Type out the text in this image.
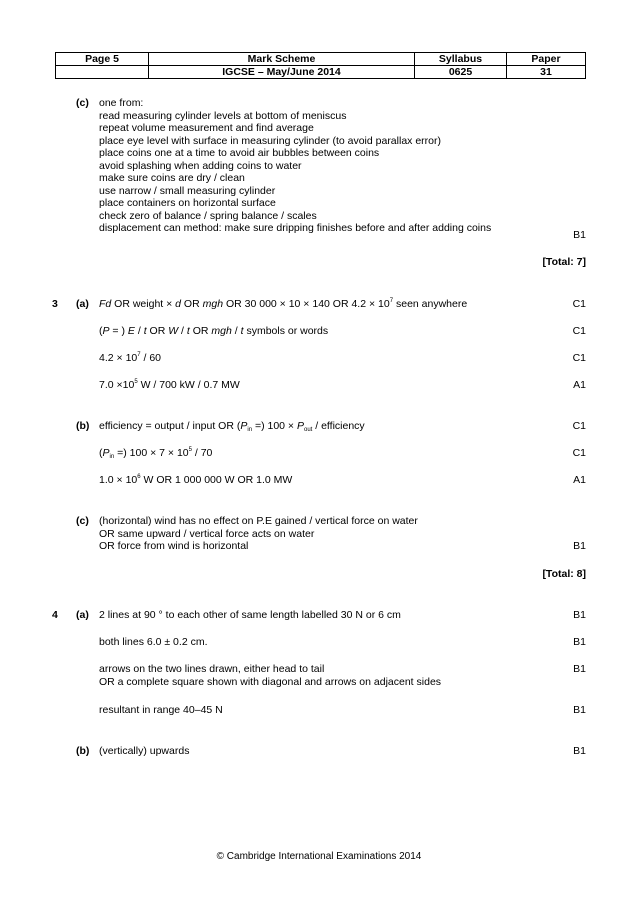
Page 5	Mark Scheme	Syllabus	Paper
	IGCSE – May/June 2014	0625	31
(c) one from:
read measuring cylinder levels at bottom of meniscus
repeat volume measurement and find average
place eye level with surface in measuring cylinder (to avoid parallax error)
place coins one at a time to avoid air bubbles between coins
avoid splashing when adding coins to water
make sure coins are dry / clean
use narrow / small measuring cylinder
place containers on horizontal surface
check zero of balance / spring balance / scales
displacement can method: make sure dripping finishes before and after adding coins
B1
[Total: 7]
3 (a) Fd OR weight × d OR mgh OR 30 000 × 10 × 140 OR $4.2 \times 10^7$ seen anywhere	C1
(P = ) E / t OR W / t OR mgh / t symbols or words	C1
$4.2 \times 10^7 / 60$	C1
$7.0 \times 10^5$ W / 700 kW / 0.7 MW	A1
(b) efficiency = output / input OR ($P_{in}$ =) $100 \times P_{out}$ / efficiency	C1
($P_{in}$ =) $100 \times 7 \times 10^5 / 70$	C1
$1.0 \times 10^6$ W OR 1 000 000 W OR 1.0 MW	A1
(c) (horizontal) wind has no effect on P.E gained / vertical force on water
OR same upward / vertical force acts on water
OR force from wind is horizontal	B1
[Total: 8]
4 (a) 2 lines at 90 ° to each other of same length labelled 30 N or 6 cm	B1
both lines 6.0 ± 0.2 cm.	B1
arrows on the two lines drawn, either head to tail
OR a complete square shown with diagonal and arrows on adjacent sides
B1
resultant in range 40–45 N	B1
(b) (vertically) upwards	B1
© Cambridge International Examinations 2014
